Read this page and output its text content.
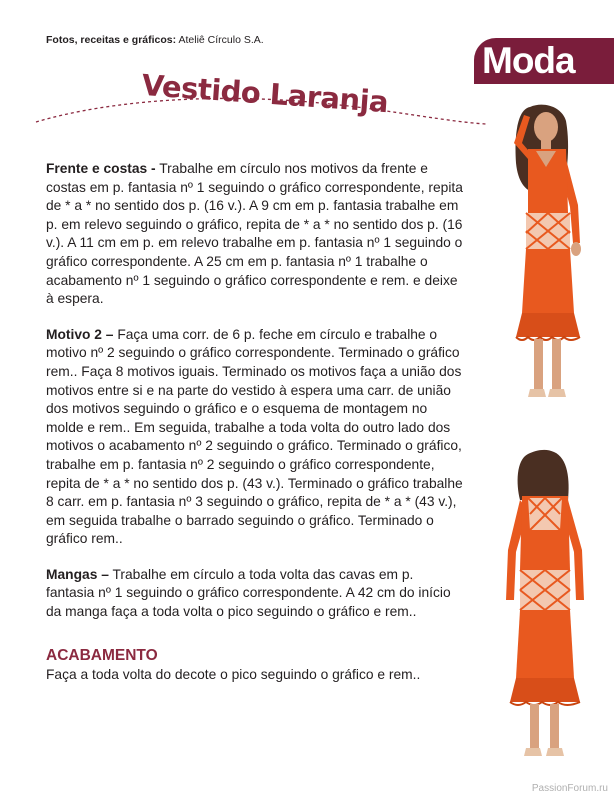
Fotos, receitas e gráficos: Ateliê Círculo S.A.	Moda
Vestido Laranja

Frente e costas - Trabalhe em círculo nos motivos da frente e costas em p. fantasia nº 1 seguindo o gráfico correspondente, repita de * a * no sentido dos p. (16 v.). A 9 cm em p. fantasia trabalhe em p. em relevo seguindo o gráfico, repita de * a * no sentido dos p. (16 v.). A 11 cm em p. em relevo trabalhe em p. fantasia nº 1 seguindo o gráfico correspondente. A 25 cm em p. fantasia nº 1 trabalhe o acabamento nº 1 seguindo o gráfico correspondente e rem. e deixe à espera.

Motivo 2 – Faça uma corr. de 6 p. feche em círculo e trabalhe o motivo nº 2 seguindo o gráfico correspondente. Terminado o gráfico rem.. Faça 8 motivos iguais. Terminado os motivos faça a união dos motivos entre si e na parte do vestido à espera uma carr. de união dos motivos seguindo o gráfico e o esquema de montagem no molde e rem.. Em seguida, trabalhe a toda volta do outro lado dos motivos o acabamento nº 2 seguindo o gráfico. Terminado o gráfico, trabalhe em p. fantasia nº 2 seguindo o gráfico correspondente, repita de * a * no sentido dos p. (43 v.). Terminado o gráfico trabalhe 8 carr. em p. fantasia nº 3 seguindo o gráfico, repita de * a * (43 v.), em seguida trabalhe o barrado seguindo o gráfico. Terminado o gráfico rem..

Mangas – Trabalhe em círculo a toda volta das cavas em p. fantasia nº 1 seguindo o gráfico correspondente. A 42 cm do início da manga faça a toda volta o pico seguindo o gráfico e rem..

ACABAMENTO

Faça a toda volta do decote o pico seguindo o gráfico e rem..

PassionForum.ru
